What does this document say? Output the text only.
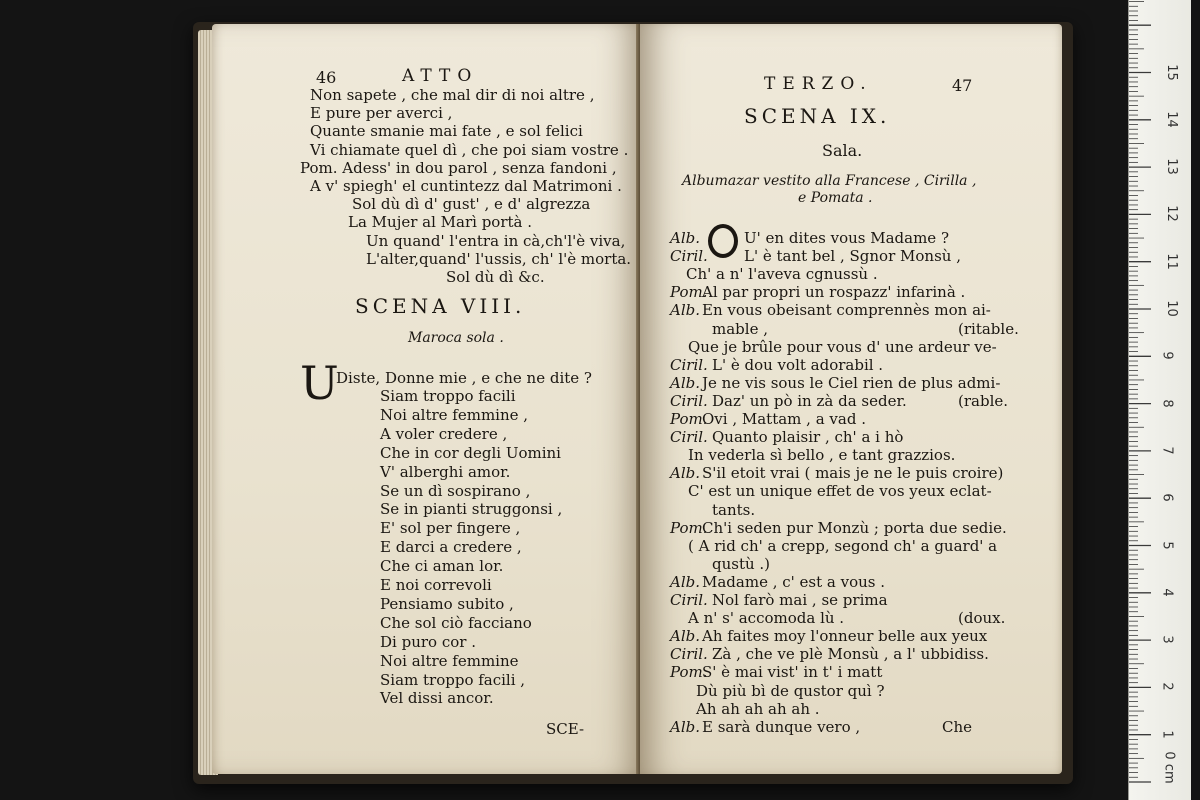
46	ATTO
Non sapete , che mal dir di noi altre ,
E pure per averci ,
Quante smanie mai fate , e sol felici
Vi chiamate quel dì , che poi siam vostre .
Pom. Adess' in dou parol , senza fandoni ,
A v' spiegh' el cuntintezz dal Matrimoni .
Sol dù dì d' gust' , e d' algrezza
La Mujer al Marì portà .
Un quand' l'entra in cà,ch'l'è viva,
L'alter,quand' l'ussis, ch' l'è morta.
Sol dù dì &c.
SCENA VIII.
Maroca sola .
U
Diste, Donne mie , e che ne dite ?
Siam troppo facili
Noi altre femmine ,
A voler credere ,
Che in cor degli Uomini
V' alberghi amor.
Se un dì sospirano ,
Se in pianti struggonsi ,
E' sol per fingere ,
E darci a credere ,
Che ci aman lor.
E noi correvoli
Pensiamo subito ,
Che sol ciò facciano
Di puro cor .
Noi altre femmine
Siam troppo facili ,
Vel dissi ancor.
SCE-
TERZO.	47
SCENA IX.
Sala.
Albumazar vestito alla Francese , Cirilla ,
e Pomata .
Alb.	U' en dites vous Madame ?
Ciril. L' è tant bel , Sgnor Monsù ,
Ch' a n' l'aveva cgnussù .
Pom.
Al par propri un rospazz' infarinà .
Alb. En vous obeisant comprennès mon ai-
mable ,	(ritable.
Que je brûle pour vous d' une ardeur ve-
Ciril. L' è dou volt adorabil .
Alb. Je ne vis sous le Ciel rien de plus admi-
Ciril. Daz' un pò in zà da seder.	(rable.
Pom.
Ovi , Mattam , a vad .
Ciril. Quanto plaisir , ch' a i hò
In vederla sì bello , e tant grazzios.
Alb. S'il etoit vrai ( mais je ne le puis croire)
C' est un unique effet de vos yeux eclat-
tants.
Pom.
Ch'i seden pur Monzù ; porta due sedie.
( A rid ch' a crepp, segond ch' a guard' a
qustù .)
Alb. Madame , c' est a vous .
Ciril. Nol farò mai , se prima
A n' s' accomoda lù .	(doux.
Alb. Ah faites moy l'onneur belle aux yeux
Ciril. Zà , che ve plè Monsù , a l' ubbidiss.
Pom.
S' è mai vist' in t' i matt
Dù più bì de qustor quì ?
Ah ah ah ah ah .
Alb. E sarà dunque vero ,	Che
0 cm
1
2
3
4
5
6
7
8
9
10
11
12
13
14
15
